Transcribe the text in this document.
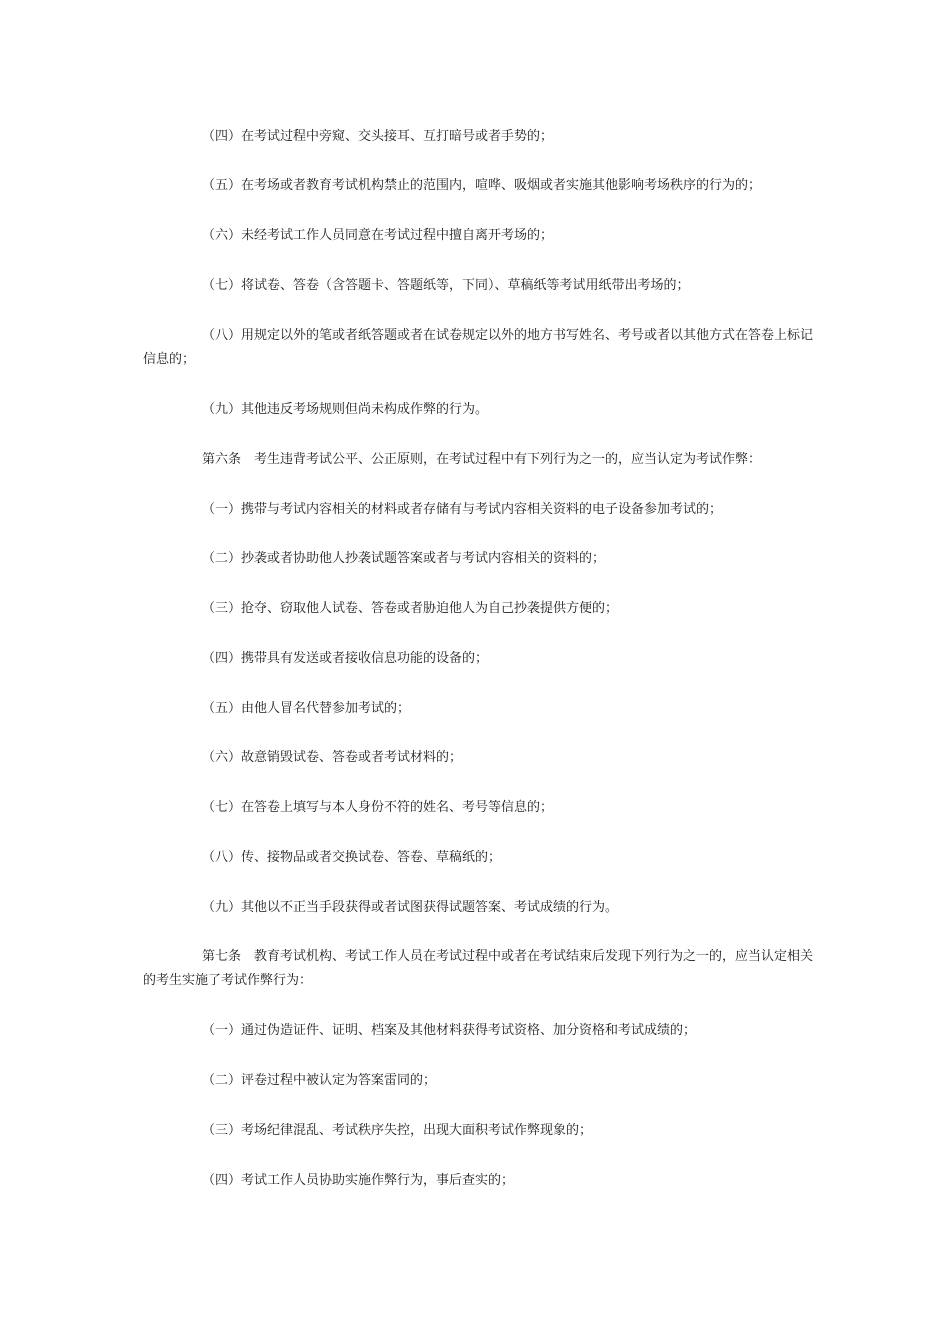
（四）在考试过程中旁窥、交头接耳、互打暗号或者手势的；

（五）在考场或者教育考试机构禁止的范围内，喧哗、吸烟或者实施其他影响考场秩序的行为的；

（六）未经考试工作人员同意在考试过程中擅自离开考场的；

（七）将试卷、答卷（含答题卡、答题纸等，下同）、草稿纸等考试用纸带出考场的；

（八）用规定以外的笔或者纸答题或者在试卷规定以外的地方书写姓名、考号或者以其他方式在答卷上标记信息的；

（九）其他违反考场规则但尚未构成作弊的行为。

第六条　考生违背考试公平、公正原则，在考试过程中有下列行为之一的，应当认定为考试作弊：

（一）携带与考试内容相关的材料或者存储有与考试内容相关资料的电子设备参加考试的；

（二）抄袭或者协助他人抄袭试题答案或者与考试内容相关的资料的；

（三）抢夺、窃取他人试卷、答卷或者胁迫他人为自己抄袭提供方便的；

（四）携带具有发送或者接收信息功能的设备的；

（五）由他人冒名代替参加考试的；

（六）故意销毁试卷、答卷或者考试材料的；

（七）在答卷上填写与本人身份不符的姓名、考号等信息的；

（八）传、接物品或者交换试卷、答卷、草稿纸的；

（九）其他以不正当手段获得或者试图获得试题答案、考试成绩的行为。

第七条　教育考试机构、考试工作人员在考试过程中或者在考试结束后发现下列行为之一的，应当认定相关的考生实施了考试作弊行为：

（一）通过伪造证件、证明、档案及其他材料获得考试资格、加分资格和考试成绩的；

（二）评卷过程中被认定为答案雷同的；

（三）考场纪律混乱、考试秩序失控，出现大面积考试作弊现象的；

（四）考试工作人员协助实施作弊行为，事后查实的；
